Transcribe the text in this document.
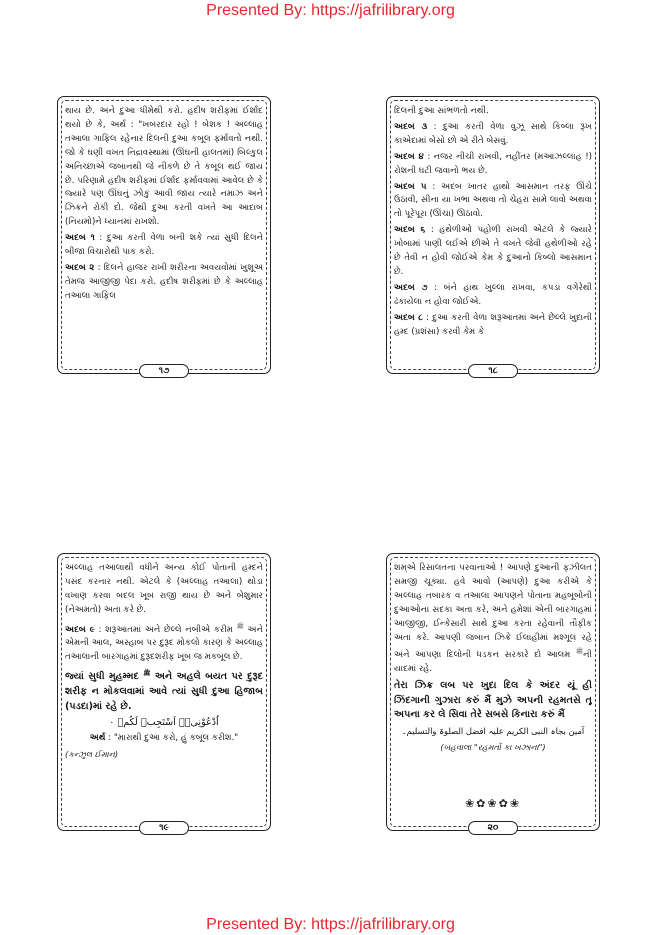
Presented By: https://jafrilibrary.org

થાય છે. અને દુઆ ધીમેથી કરો. હદીષ શરીફમાં ઈર્શાદ થયો છે કે, અર્થ : "ખબરદાર રહો ! બેશક ! અલ્લાહ તઆલા ગાફિલ રહેનાર દિલની દુઆ કબૂલ ફર્માવતો નથી. જો કે ઘણી વખત નિદ્રાવસ્થામાં (ઊંઘની હાલતમાં) બિલ્કુલ અનિચ્છાએ જબાનથી જે નીકળે છે તે કબૂલ થઈ જાય છે. પરિણામે હદીષ શરીફમાં ઈર્શાદ ફર્માવવામાં આવેલ છે કે જ્યારે પણ ઊંઘનું ઝોકું આવી જાય ત્યારે નમાઝ અને ઝિક્રને રોકી દો. જેથી દુઆ કરતી વખતે આ આદાબ (નિયમો)ને ધ્યાનમાં રાખશો.

અદબ ૧ : દુઆ કરતી વેળા બની શકે ત્યાં સુધી દિલને બીજા વિચારોથી પાક કરો.

અદબ ૨ : દિલને હાજર રાખી શરીરના અવયવોમાં ખુશૂઅ તેમજ આજીજી પેદા કરો. હદીષ શરીફમાં છે કે અલ્લાહ તઆલા ગાફિલ

૧૭

દિલની દુઆ સાંભળતો નથી.

અદબ ૩ : દુઆ કરતી વેળા વુઝૂ સાથે કિબ્લા રૂખ કાએદામાં બેસો છો એ રીતે બેસવું.

અદબ ૪ : નજર નીચી રાખવી, નહીંતર (મઆઝલ્લાહ !) રોશની ઘટી જવાનો ભય છે.

અદબ ૫ : અદબ ખાતર હાથો આસમાન તરફ ઊંચે ઉઠાવી, સીના યા ખભા અથવા તો ચેહરા સામે લાવો અથવા તો પૂરેપૂરા (ઊંચા) ઊઠાવો.

અદબ ૬ : હથેળીઓ પહોળી રાખવી એટલે કે જ્યારે ખોબામાં પાણી લઈએ છીએ તે વખતે જેવી હથેળીઓ રહે છે તેવી ન હોવી જોઈએ કેમ કે દુઆનો કિબ્લો આસમાન છે.

અદબ ૭ : બંને હાથ ખુલ્લા રાખવા, કપડા વગેરેથી ઢંકાયેલા ન હોવા જોઈએ.

અદબ ૮ : દુઆ કરતી વેળા શરૂઆતમાં અને છેલ્લે ખુદાની હમ્દ (પ્રશંસા) કરવી કેમ કે

૧૮

અલ્લાહ તઆલાથી વધીને અન્ય કોઈ પોતાની હમ્દને પસંદ કરનાર નથી. એટલે કે (અલ્લાહ તઆલા) થોડા વખાણ કરવા બદલ ખૂબ રાજી થાય છે અને બેશુમાર (નેઅમતો) અતા કરે છે.

અદબ ૯ : શરૂઆતમાં અને છેલ્લે નબીએ કરીમ $^ﷺ$ અને એમની આલ, અસ્હાબ પર દુરૂદ મોકલો કારણ કે અલ્લાહ તઆલાની બારગાહમાં દુરૂદશરીફ ખૂબ જ મકબૂલ છે.

જ્યાં સુધી મુહમ્મદ $^ﷺ$ અને અહલે બયત પર દુરૂદ શરીફ ન મોકલવામાં આવે ત્યાં સુધી દુઆ હિજાબ (પડદા)માં રહે છે.

اُدْعُوْنِیۡۤ اَسْتَجِبۡ لَكُمۡ ۰

અર્થ : "મારાથી દુઆ કરો, હું કબૂલ કરીશ."

(કન્ઝુલ ઈમાન)

૧૯

શમ્એ રિસાલતના પરવાનાઓ ! આપણે દુઆની ફઝીલત સમજી ચૂક્યા. હવે આવો (આપણે) દુઆ કરીએ કે અલ્લાહ તબારક વ તઆલા આપણને પોતાના મહબૂબોની દુઆઓના સદકા અતા કરે, અને હમેશાં એની બારગાહમાં આજીજી, ઈન્કેસારી સાથે દુઆ કરતા રહેવાની તૌફીક અતા કરે. આપણી જબાન ઝિક્રે ઈલાહીમાં મશ્ગૂલ રહે અને આપણા દિલોની ધડકન સરકારે દો આલમ $^ﷺ$ની યાદમાં રહે.

તેરા ઝિક્ર લબ પર ખુદા દિલ કે અંદર યૂં હી ઝિંદગાની ગુઝારા કરું મૈં મુઝે અપની રહમતસે તૂ અપના કર લે સિવા તેરે સબસે કિનારા કરું મૈં

آمین بجاہ النبی الکریم علیہ افضل الصلوۃ والتسلیم۔

(બહવાલા "રહમતોં કા ખઝાના")

❀✿❀✿❀
૨૦
Presented By: https://jafrilibrary.org
